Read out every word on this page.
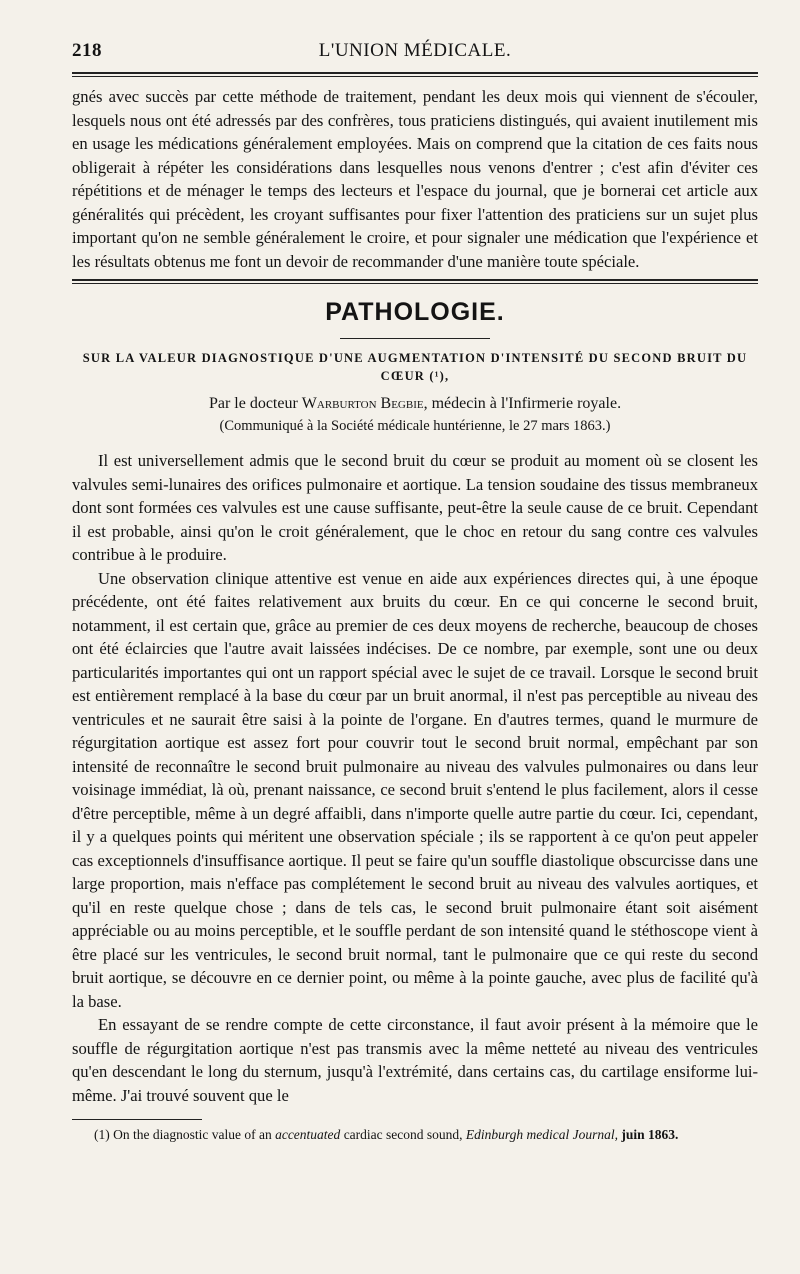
218	L'UNION MÉDICALE.

gnés avec succès par cette méthode de traitement, pendant les deux mois qui viennent de s'écouler, lesquels nous ont été adressés par des confrères, tous praticiens distingués, qui avaient inutilement mis en usage les médications généralement employées. Mais on comprend que la citation de ces faits nous obligerait à répéter les considérations dans lesquelles nous venons d'entrer ; c'est afin d'éviter ces répétitions et de ménager le temps des lecteurs et l'espace du journal, que je bornerai cet article aux généralités qui précèdent, les croyant suffisantes pour fixer l'attention des praticiens sur un sujet plus important qu'on ne semble généralement le croire, et pour signaler une médication que l'expérience et les résultats obtenus me font un devoir de recommander d'une manière toute spéciale.

PATHOLOGIE.
SUR LA VALEUR DIAGNOSTIQUE D'UNE AUGMENTATION D'INTENSITÉ DU SECOND BRUIT DU CŒUR (¹),
Par le docteur Warburton Begbie, médecin à l'Infirmerie royale.
(Communiqué à la Société médicale huntérienne, le 27 mars 1863.)

Il est universellement admis que le second bruit du cœur se produit au moment où se closent les valvules semi-lunaires des orifices pulmonaire et aortique. La tension soudaine des tissus membraneux dont sont formées ces valvules est une cause suffisante, peut-être la seule cause de ce bruit. Cependant il est probable, ainsi qu'on le croit généralement, que le choc en retour du sang contre ces valvules contribue à le produire.

Une observation clinique attentive est venue en aide aux expériences directes qui, à une époque précédente, ont été faites relativement aux bruits du cœur. En ce qui concerne le second bruit, notamment, il est certain que, grâce au premier de ces deux moyens de recherche, beaucoup de choses ont été éclaircies que l'autre avait laissées indécises. De ce nombre, par exemple, sont une ou deux particularités importantes qui ont un rapport spécial avec le sujet de ce travail. Lorsque le second bruit est entièrement remplacé à la base du cœur par un bruit anormal, il n'est pas perceptible au niveau des ventricules et ne saurait être saisi à la pointe de l'organe. En d'autres termes, quand le murmure de régurgitation aortique est assez fort pour couvrir tout le second bruit normal, empêchant par son intensité de reconnaître le second bruit pulmonaire au niveau des valvules pulmonaires ou dans leur voisinage immédiat, là où, prenant naissance, ce second bruit s'entend le plus facilement, alors il cesse d'être perceptible, même à un degré affaibli, dans n'importe quelle autre partie du cœur. Ici, cependant, il y a quelques points qui méritent une observation spéciale ; ils se rapportent à ce qu'on peut appeler cas exceptionnels d'insuffisance aortique. Il peut se faire qu'un souffle diastolique obscurcisse dans une large proportion, mais n'efface pas complétement le second bruit au niveau des valvules aortiques, et qu'il en reste quelque chose ; dans de tels cas, le second bruit pulmonaire étant soit aisément appréciable ou au moins perceptible, et le souffle perdant de son intensité quand le stéthoscope vient à être placé sur les ventricules, le second bruit normal, tant le pulmonaire que ce qui reste du second bruit aortique, se découvre en ce dernier point, ou même à la pointe gauche, avec plus de facilité qu'à la base.

En essayant de se rendre compte de cette circonstance, il faut avoir présent à la mémoire que le souffle de régurgitation aortique n'est pas transmis avec la même netteté au niveau des ventricules qu'en descendant le long du sternum, jusqu'à l'extrémité, dans certains cas, du cartilage ensiforme lui-même. J'ai trouvé souvent que le

(1) On the diagnostic value of an accentuated cardiac second sound, Edinburgh medical Journal, juin 1863.
